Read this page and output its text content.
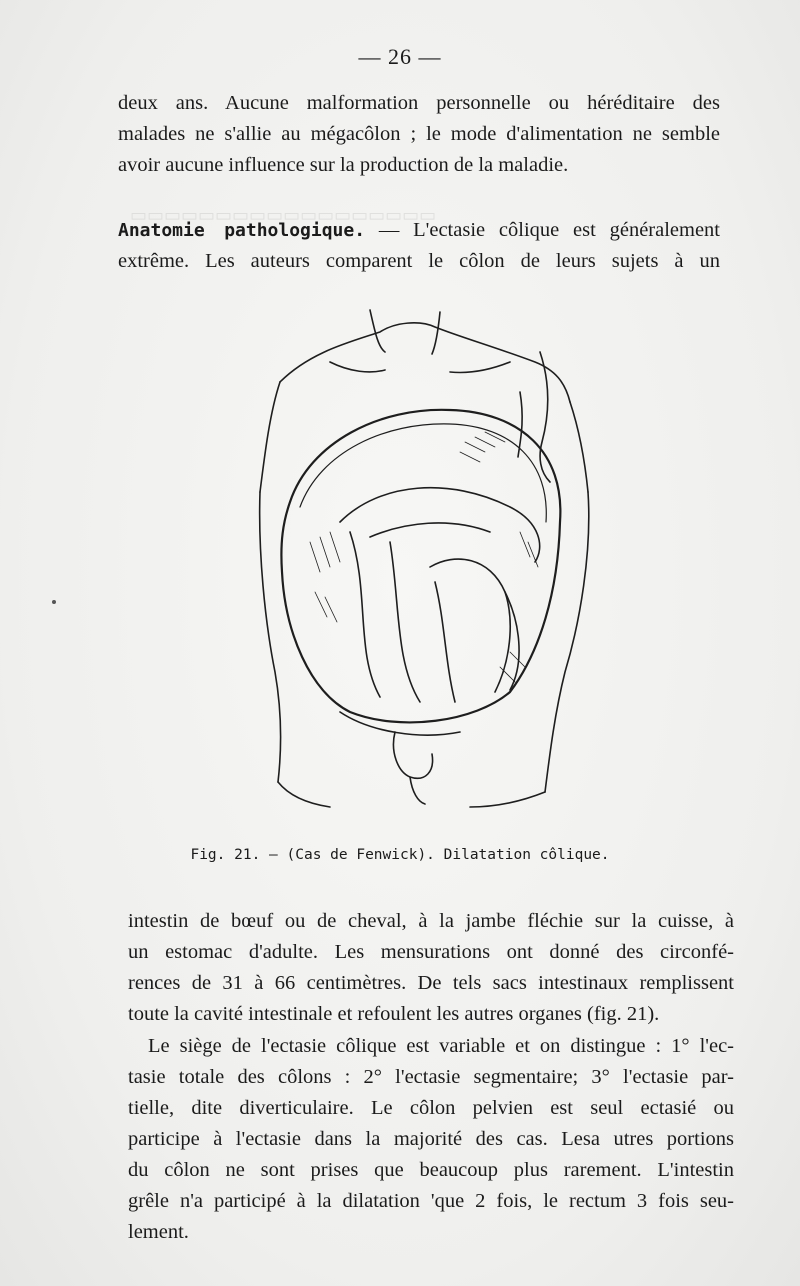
▭▭▭▭▭▭▭▭▭▭▭▭▭▭▭▭▭▭
— 26 —
deux ans. Aucune malformation personnelle ou héréditaire des
malades ne s'allie au mégacôlon ; le mode d'alimentation ne semble
avoir aucune influence sur la production de la maladie.
Anatomie pathologique. — L'ectasie côlique est généralement
extrême. Les auteurs comparent le côlon de leurs sujets à un
Fig. 21. — (Cas de Fenwick). Dilatation côlique.
intestin de bœuf ou de cheval, à la jambe fléchie sur la cuisse, à
un estomac d'adulte. Les mensurations ont donné des circonfé-
rences de 31 à 66 centimètres. De tels sacs intestinaux remplissent
toute la cavité intestinale et refoulent les autres organes (fig. 21).
Le siège de l'ectasie côlique est variable et on distingue : 1° l'ec-
tasie totale des côlons : 2° l'ectasie segmentaire; 3° l'ectasie par-
tielle, dite diverticulaire. Le côlon pelvien est seul ectasié ou
participe à l'ectasie dans la majorité des cas. Lesa utres portions
du côlon ne sont prises que beaucoup plus rarement. L'intestin
grêle n'a participé à la dilatation 'que 2 fois, le rectum 3 fois seu-
lement.
